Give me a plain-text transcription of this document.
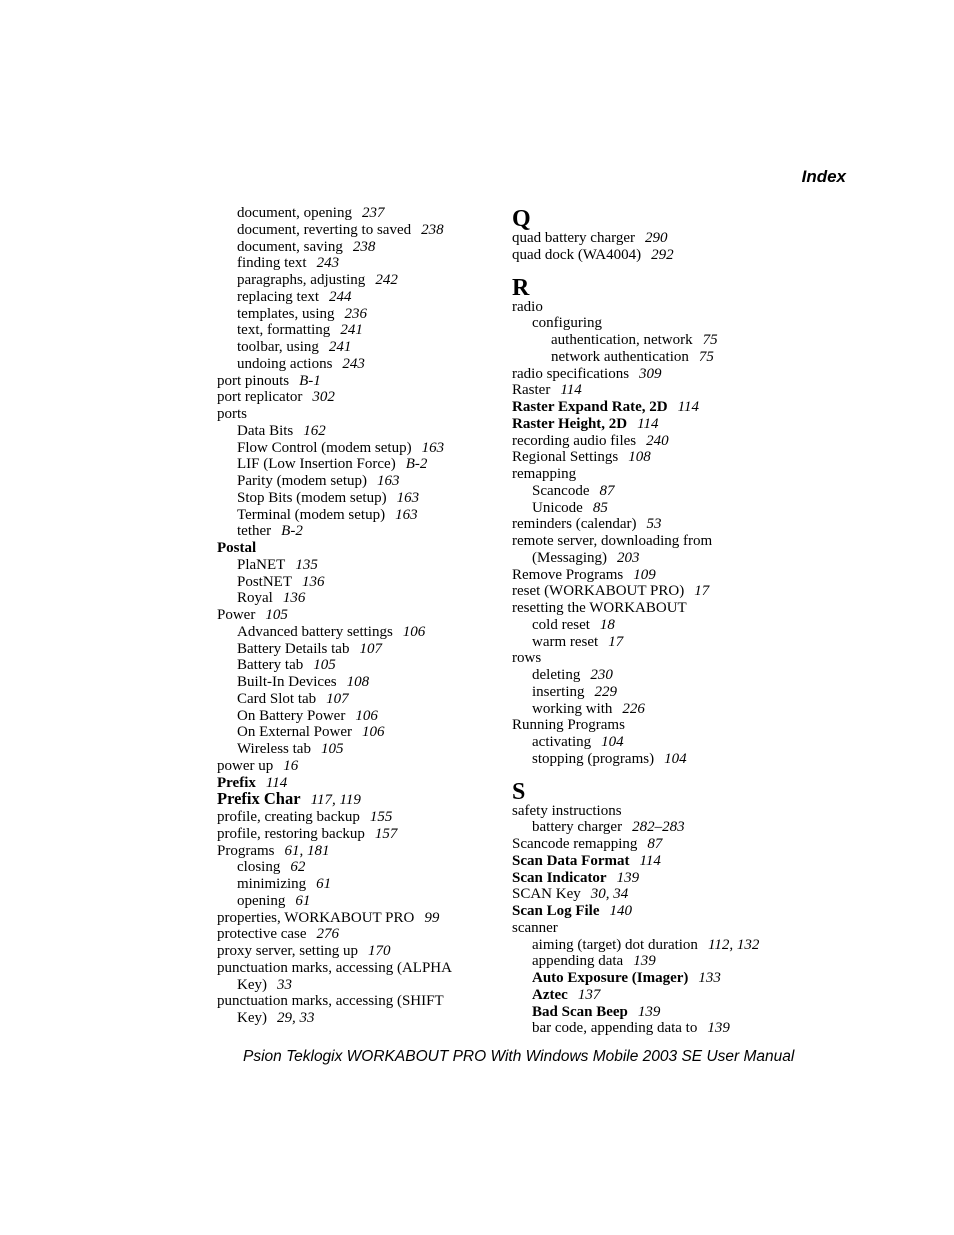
Index
document, opening 237
document, reverting to saved 238
document, saving 238
finding text 243
paragraphs, adjusting 242
replacing text 244
templates, using 236
text, formatting 241
toolbar, using 241
undoing actions 243
port pinouts B-1
port replicator 302
ports
Data Bits 162
Flow Control (modem setup) 163
LIF (Low Insertion Force) B-2
Parity (modem setup) 163
Stop Bits (modem setup) 163
Terminal (modem setup) 163
tether B-2
Postal
PlaNET 135
PostNET 136
Royal 136
Power 105
Advanced battery settings 106
Battery Details tab 107
Battery tab 105
Built-In Devices 108
Card Slot tab 107
On Battery Power 106
On External Power 106
Wireless tab 105
power up 16
Prefix 114
Prefix Char 117, 119
profile, creating backup 155
profile, restoring backup 157
Programs 61, 181
closing 62
minimizing 61
opening 61
properties, WORKABOUT PRO 99
protective case 276
proxy server, setting up 170
punctuation marks, accessing (ALPHA Key) 33
punctuation marks, accessing (SHIFT Key) 29, 33
Q
quad battery charger 290
quad dock (WA4004) 292
R
radio
configuring
authentication, network 75
network authentication 75
radio specifications 309
Raster 114
Raster Expand Rate, 2D 114
Raster Height, 2D 114
recording audio files 240
Regional Settings 108
remapping
Scancode 87
Unicode 85
reminders (calendar) 53
remote server, downloading from (Messaging) 203
Remove Programs 109
reset (WORKABOUT PRO) 17
resetting the WORKABOUT
cold reset 18
warm reset 17
rows
deleting 230
inserting 229
working with 226
Running Programs
activating 104
stopping (programs) 104
S
safety instructions
battery charger 282–283
Scancode remapping 87
Scan Data Format 114
Scan Indicator 139
SCAN Key 30, 34
Scan Log File 140
scanner
aiming (target) dot duration 112, 132
appending data 139
Auto Exposure (Imager) 133
Aztec 137
Bad Scan Beep 139
bar code, appending data to 139
Psion Teklogix WORKABOUT PRO With Windows Mobile 2003 SE User Manual
